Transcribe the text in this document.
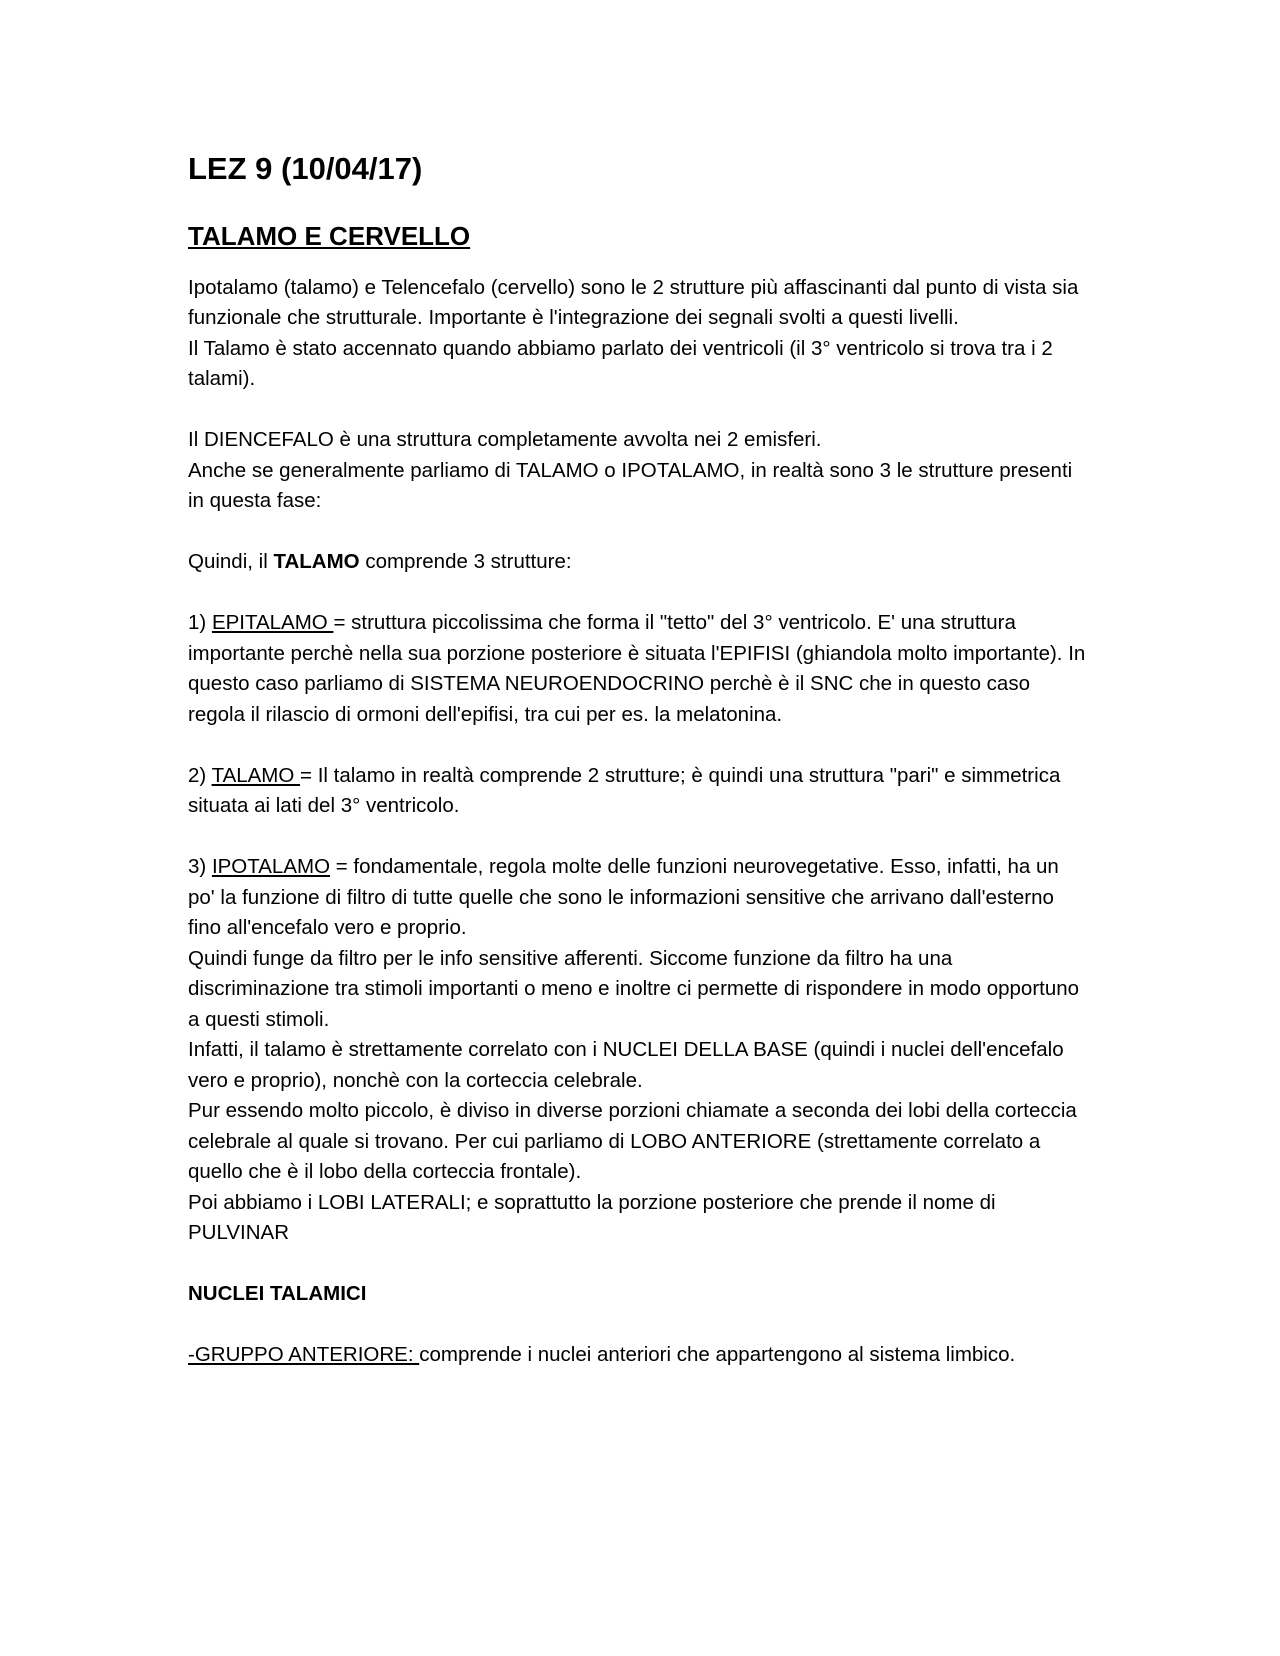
LEZ 9 (10/04/17)
TALAMO E CERVELLO

Ipotalamo (talamo) e Telencefalo (cervello) sono le 2 strutture più affascinanti dal punto di vista sia funzionale che strutturale. Importante è l'integrazione dei segnali svolti a questi livelli.

Il Talamo è stato accennato quando abbiamo parlato dei ventricoli (il 3° ventricolo si trova tra i 2 talami).

Il DIENCEFALO è una struttura completamente avvolta nei 2 emisferi.

Anche se generalmente parliamo di TALAMO o IPOTALAMO, in realtà sono 3 le strutture presenti in questa fase:

Quindi, il TALAMO comprende 3 strutture:

1) EPITALAMO = struttura piccolissima che forma il "tetto" del 3° ventricolo. E' una struttura importante perchè nella sua porzione posteriore è situata l'EPIFISI (ghiandola molto importante). In questo caso parliamo di SISTEMA NEUROENDOCRINO perchè è il SNC che in questo caso regola il rilascio di ormoni dell'epifisi, tra cui per es. la melatonina.

2) TALAMO = Il talamo in realtà comprende 2 strutture; è quindi una struttura "pari" e simmetrica situata ai lati del 3° ventricolo.

3) IPOTALAMO = fondamentale, regola molte delle funzioni neurovegetative. Esso, infatti, ha un po' la funzione di filtro di tutte quelle che sono le informazioni sensitive che arrivano dall'esterno fino all'encefalo vero e proprio.

Quindi funge da filtro per le info sensitive afferenti. Siccome funzione da filtro ha una discriminazione tra stimoli importanti o meno e inoltre ci permette di rispondere in modo opportuno a questi stimoli.

Infatti, il talamo è strettamente correlato con i NUCLEI DELLA BASE (quindi i nuclei dell'encefalo vero e proprio), nonchè con la corteccia celebrale.

Pur essendo molto piccolo, è diviso in diverse porzioni chiamate a seconda dei lobi della corteccia celebrale al quale si trovano. Per cui parliamo di LOBO ANTERIORE (strettamente correlato a quello che è il lobo della corteccia frontale).

Poi abbiamo i LOBI LATERALI; e soprattutto la porzione posteriore che prende il nome di PULVINAR

NUCLEI TALAMICI

-GRUPPO ANTERIORE: comprende i nuclei anteriori che appartengono al sistema limbico.
